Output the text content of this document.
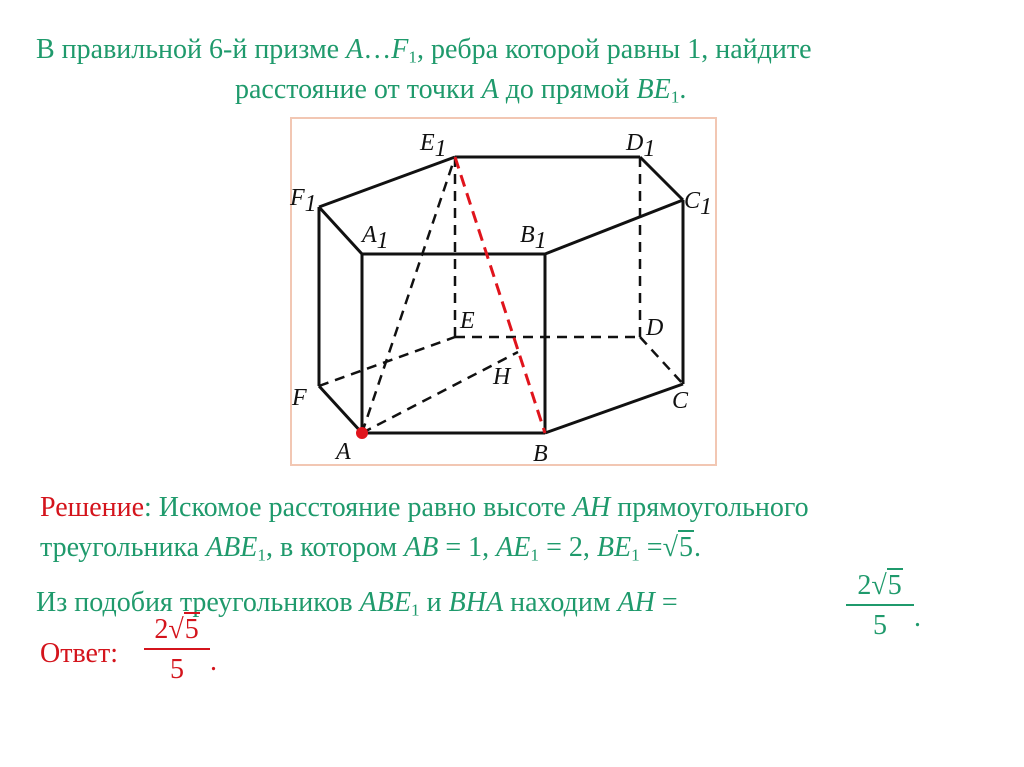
В правильной 6-й призме $A\dots F_1$, ребра которой равны 1, найдите
расстояние от точки A до прямой $BE_1$.
E1	D1
F1	C1
A1	B1
E	D
H
F	C
A	B
Решение: Искомое расстояние равно высоте AH прямоугольного
треугольника $ABE_1$, в котором AB = 1, $AE_1 = 2$, $BE_1 =√5$.
Из подобия треугольников $ABE_1$ и BHA находим AH =
2√5
5 .
Ответ:
2√5
5 .
